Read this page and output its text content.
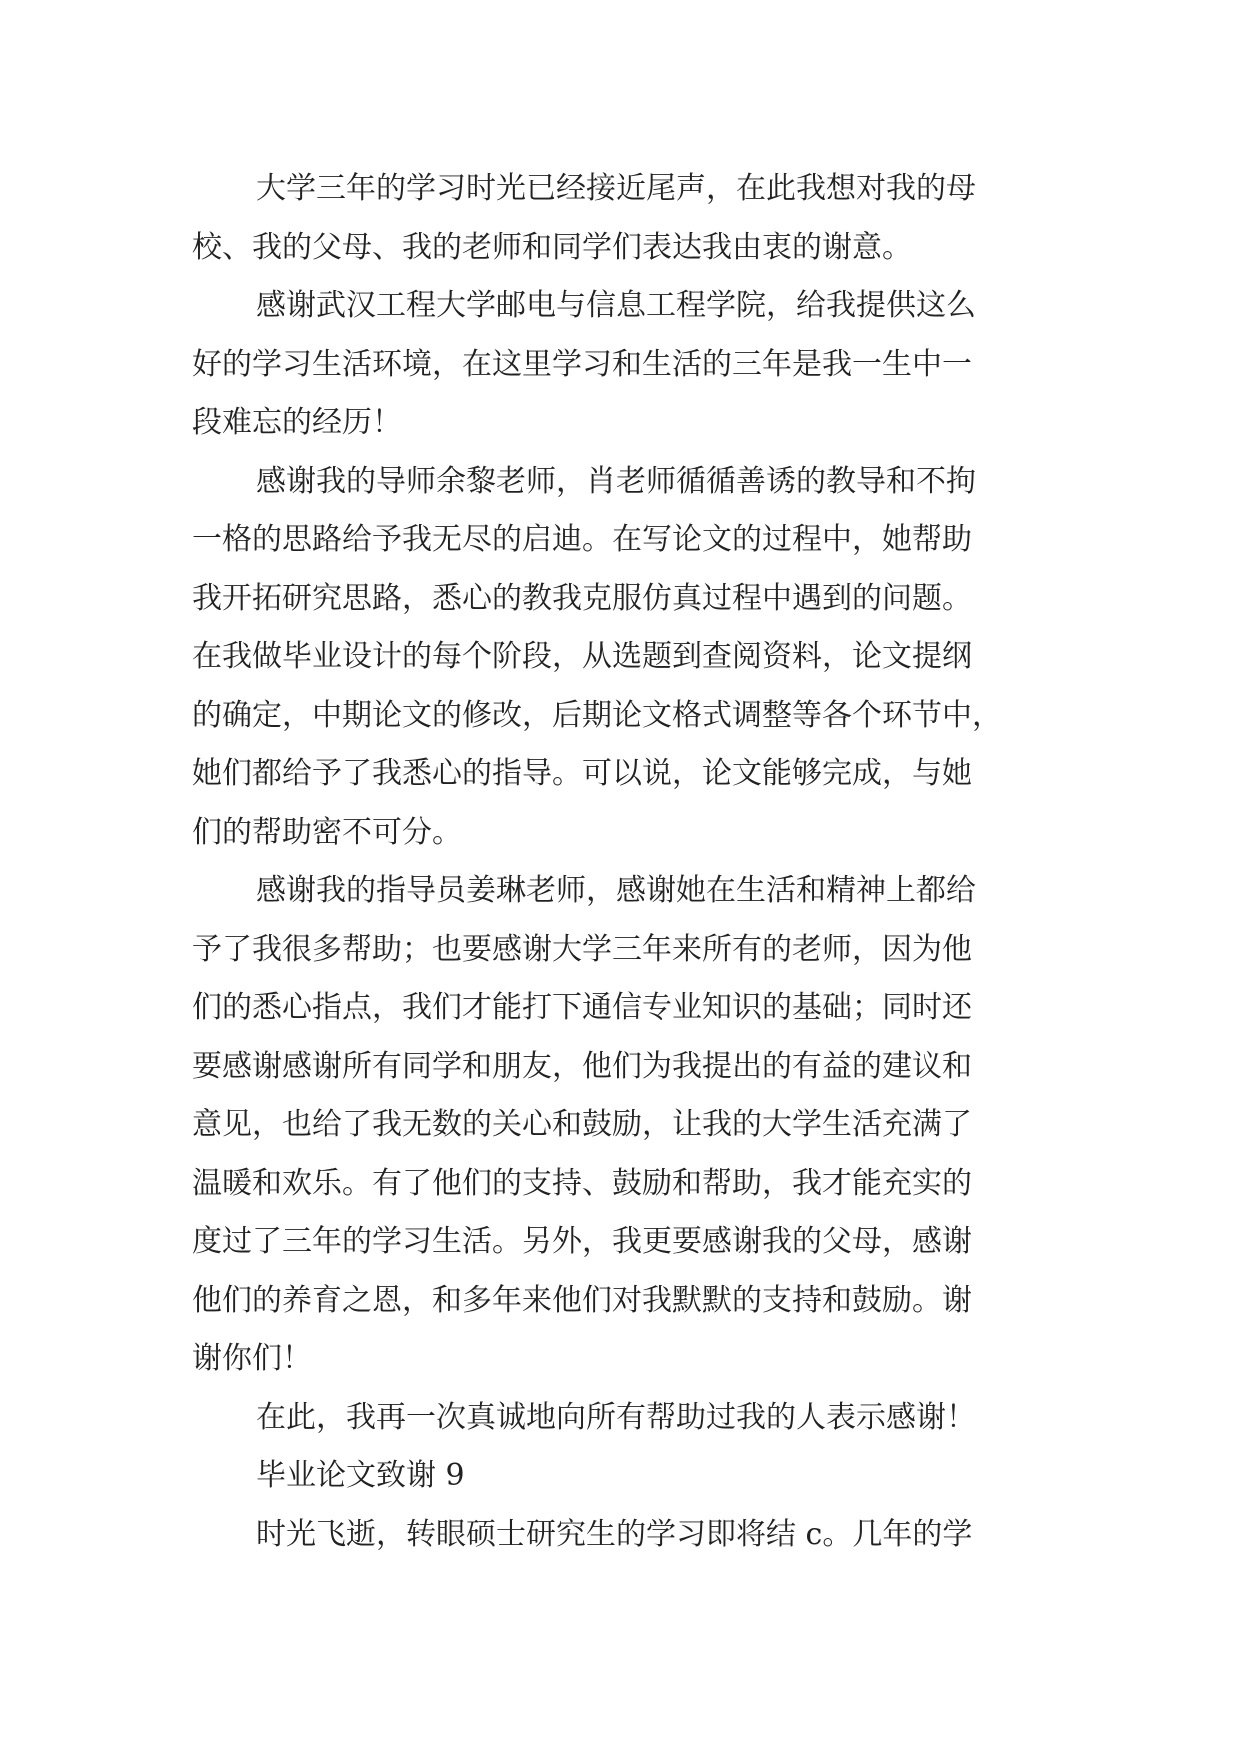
大学三年的学习时光已经接近尾声，在此我想对我的母
校、我的父母、我的老师和同学们表达我由衷的谢意。
感谢武汉工程大学邮电与信息工程学院，给我提供这么
好的学习生活环境，在这里学习和生活的三年是我一生中一
段难忘的经历！
感谢我的导师余黎老师，肖老师循循善诱的教导和不拘
一格的思路给予我无尽的启迪。在写论文的过程中，她帮助
我开拓研究思路，悉心的教我克服仿真过程中遇到的问题。
在我做毕业设计的每个阶段，从选题到查阅资料，论文提纲
的确定，中期论文的修改，后期论文格式调整等各个环节中，
她们都给予了我悉心的指导。可以说，论文能够完成，与她
们的帮助密不可分。
感谢我的指导员姜琳老师，感谢她在生活和精神上都给
予了我很多帮助；也要感谢大学三年来所有的老师，因为他
们的悉心指点，我们才能打下通信专业知识的基础；同时还
要感谢感谢所有同学和朋友，他们为我提出的有益的建议和
意见，也给了我无数的关心和鼓励，让我的大学生活充满了
温暖和欢乐。有了他们的支持、鼓励和帮助，我才能充实的
度过了三年的学习生活。另外，我更要感谢我的父母，感谢
他们的养育之恩，和多年来他们对我默默的支持和鼓励。谢
谢你们！
在此，我再一次真诚地向所有帮助过我的人表示感谢！
毕业论文致谢 9
时光飞逝，转眼硕士研究生的学习即将结 c。几年的学
